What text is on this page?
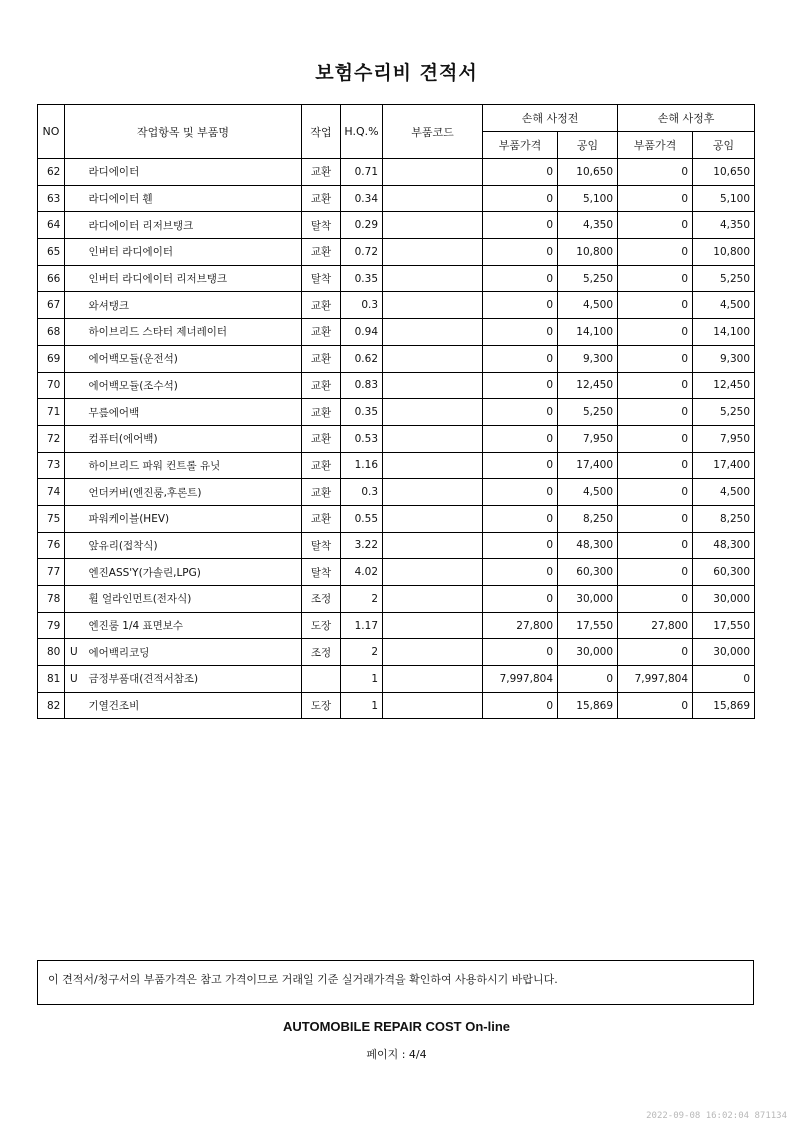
보험수리비 견적서
NO	작업항목 및 부품명		작업	H.Q.%	부품코드	손해 사정전		손해 사정후	
						부품가격	공임	부품가격	공임
62		라디에이터	교환	0.71		0	10,650	0	10,650
63		라디에이터 휀	교환	0.34		0	5,100	0	5,100
64		라디에이터 리저브탱크	탈착	0.29		0	4,350	0	4,350
65		인버터 라디에이터	교환	0.72		0	10,800	0	10,800
66		인버터 라디에이터 리저브탱크	탈착	0.35		0	5,250	0	5,250
67		와셔탱크	교환	0.3		0	4,500	0	4,500
68		하이브리드 스타터 제너레이터	교환	0.94		0	14,100	0	14,100
69		에어백모듈(운전석)	교환	0.62		0	9,300	0	9,300
70		에어백모듈(조수석)	교환	0.83		0	12,450	0	12,450
71		무릎에어백	교환	0.35		0	5,250	0	5,250
72		컴퓨터(에어백)	교환	0.53		0	7,950	0	7,950
73		하이브리드 파워 컨트롤 유닛	교환	1.16		0	17,400	0	17,400
74		언더커버(엔진룸,후론트)	교환	0.3		0	4,500	0	4,500
75		파워케이블(HEV)	교환	0.55		0	8,250	0	8,250
76		앞유리(접착식)	탈착	3.22		0	48,300	0	48,300
77		엔진ASS'Y(가솔린,LPG)	탈착	4.02		0	60,300	0	60,300
78		휠 얼라인먼트(전자식)	조정	2		0	30,000	0	30,000
79		엔진룸 1/4 표면보수	도장	1.17		27,800	17,550	27,800	17,550
80	U	에어백리코딩	조정	2		0	30,000	0	30,000
81	U	금정부품대(견적서참조)		1		7,997,804	0	7,997,804	0
82		기열건조비	도장	1		0	15,869	0	15,869
이 견적서/청구서의 부품가격은 참고 가격이므로 거래일 기준 실거래가격을 확인하여 사용하시기 바랍니다.
AUTOMOBILE REPAIR COST On-line
페이지 : 4/4
2022-09-08 16:02:04 871134
